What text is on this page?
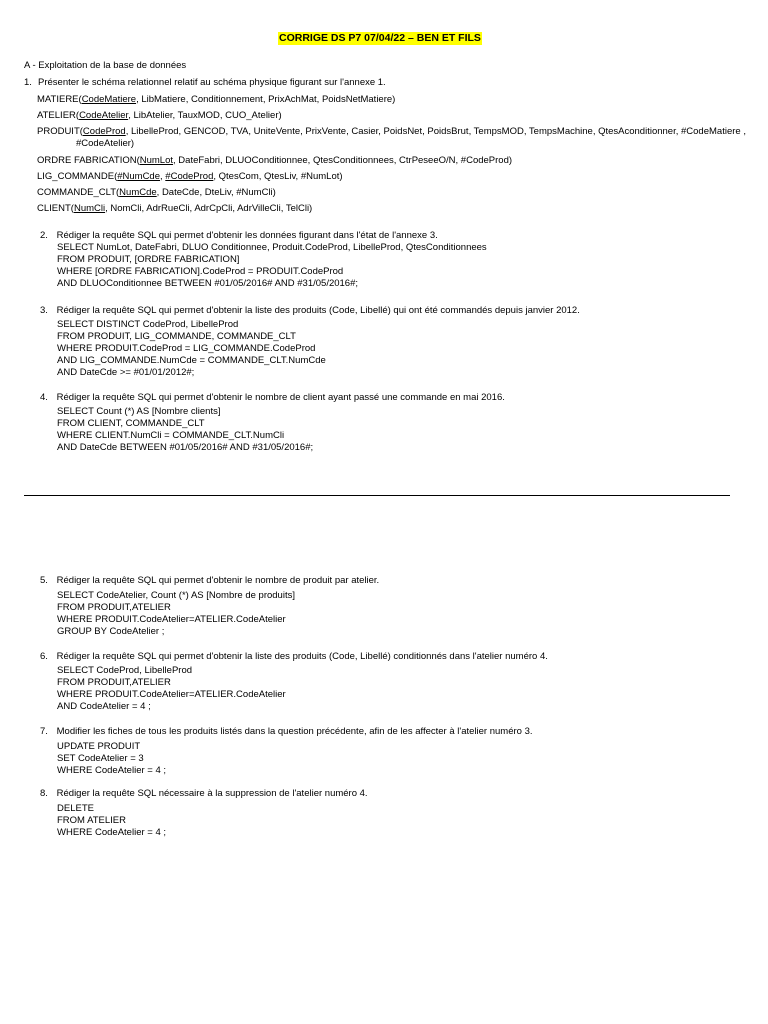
CORRIGE DS P7 07/04/22 – BEN ET FILS
A - Exploitation de la base de données
1. Présenter le schéma relationnel relatif au schéma physique figurant sur l'annexe 1.
MATIERE(CodeMatiere, LibMatiere, Conditionnement, PrixAchMat, PoidsNetMatiere)
ATELIER(CodeAtelier, LibAtelier, TauxMOD, CUO_Atelier)
PRODUIT(CodeProd, LibelleProd, GENCOD, TVA, UniteVente, PrixVente, Casier, PoidsNet, PoidsBrut, TempsMOD, TempsMachine, QtesAconditionner, #CodeMatiere ,
#CodeAtelier)
ORDRE FABRICATION(NumLot, DateFabri, DLUOConditionnee, QtesConditionnees, CtrPeseeO/N, #CodeProd)
LIG_COMMANDE(#NumCde, #CodeProd, QtesCom, QtesLiv, #NumLot)
COMMANDE_CLT(NumCde, DateCde, DteLiv, #NumCli)
CLIENT(NumCli, NomCli, AdrRueCli, AdrCpCli, AdrVilleCli, TelCli)
2. Rédiger la requête SQL qui permet d'obtenir les données figurant dans l'état de l'annexe 3.
SELECT NumLot, DateFabri, DLUO Conditionnee, Produit.CodeProd, LibelleProd, QtesConditionnees
FROM PRODUIT, [ORDRE FABRICATION]
WHERE [ORDRE FABRICATION].CodeProd = PRODUIT.CodeProd
AND DLUOConditionnee BETWEEN #01/05/2016# AND #31/05/2016#;
3. Rédiger la requête SQL qui permet d'obtenir la liste des produits (Code, Libellé) qui ont été commandés depuis janvier 2012.
SELECT DISTINCT CodeProd, LibelleProd
FROM PRODUIT, LIG_COMMANDE, COMMANDE_CLT
WHERE PRODUIT.CodeProd = LIG_COMMANDE.CodeProd
AND LIG_COMMANDE.NumCde = COMMANDE_CLT.NumCde
AND DateCde >= #01/01/2012#;
4. Rédiger la requête SQL qui permet d'obtenir le nombre de client ayant passé une commande en mai 2016.
SELECT Count (*) AS [Nombre clients]
FROM CLIENT, COMMANDE_CLT
WHERE CLIENT.NumCli = COMMANDE_CLT.NumCli
AND DateCde BETWEEN #01/05/2016# AND #31/05/2016#;
5. Rédiger la requête SQL qui permet d'obtenir le nombre de produit par atelier.
SELECT CodeAtelier, Count (*) AS [Nombre de produits]
FROM PRODUIT,ATELIER
WHERE PRODUIT.CodeAtelier=ATELIER.CodeAtelier
GROUP BY CodeAtelier ;
6. Rédiger la requête SQL qui permet d'obtenir la liste des produits (Code, Libellé) conditionnés dans l'atelier numéro 4.
SELECT CodeProd, LibelleProd
FROM PRODUIT,ATELIER
WHERE PRODUIT.CodeAtelier=ATELIER.CodeAtelier
AND CodeAtelier = 4 ;
7. Modifier les fiches de tous les produits listés dans la question précédente, afin de les affecter à l'atelier numéro 3.
UPDATE PRODUIT
SET CodeAtelier = 3
WHERE CodeAtelier = 4 ;
8. Rédiger la requête SQL nécessaire à la suppression de l'atelier numéro 4.
DELETE
FROM ATELIER
WHERE CodeAtelier = 4 ;
